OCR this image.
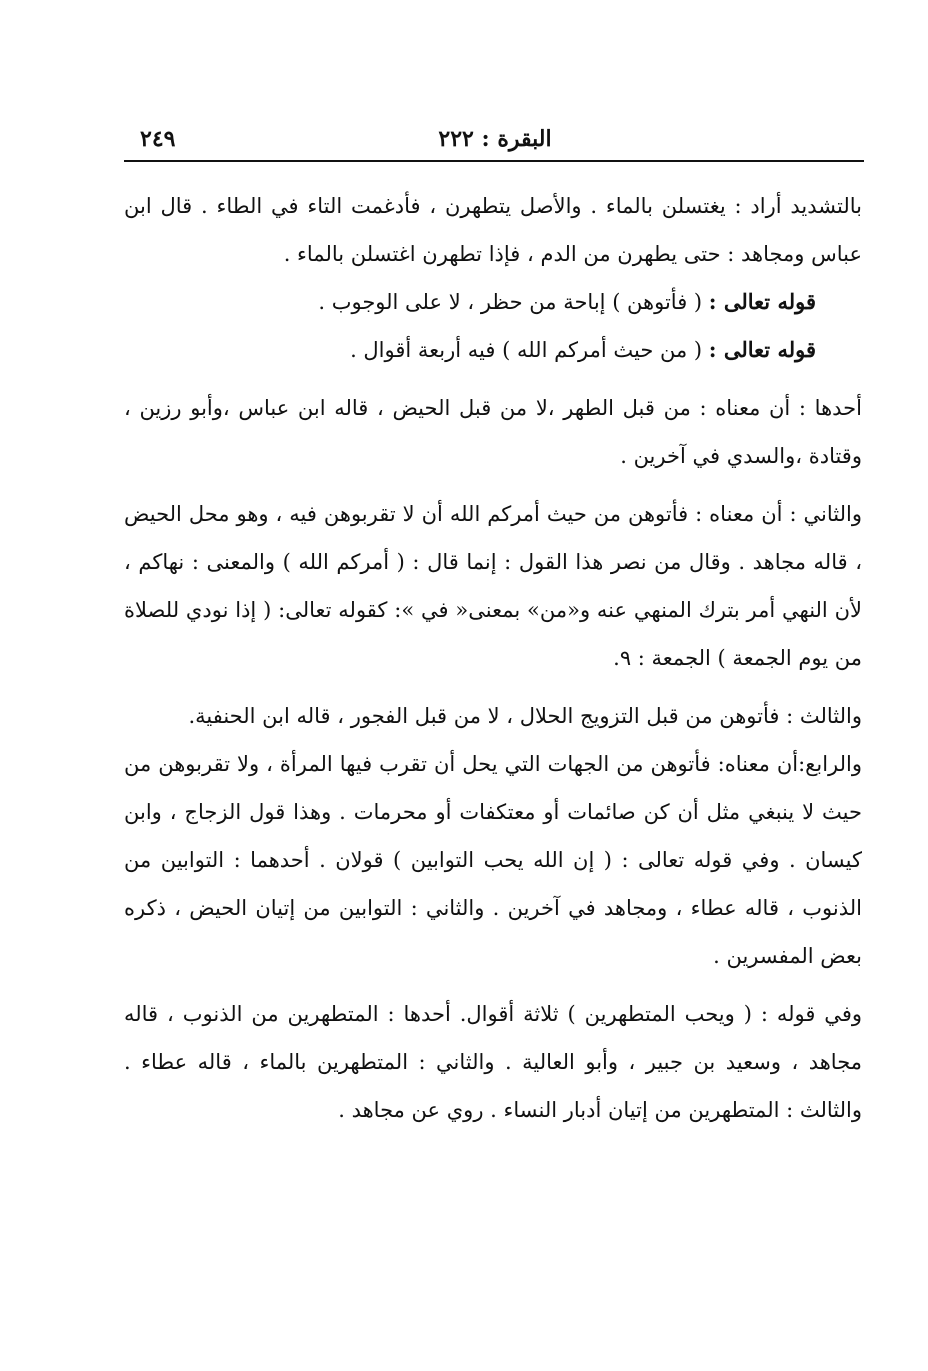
البقرة : ٢٢٢
٢٤٩

بالتشديد أراد : يغتسلن بالماء . والأصل يتطهرن ، فأدغمت التاء في الطاء . قال ابن عباس ومجاهد : حتى يطهرن من الدم ، فإذا تطهرن اغتسلن بالماء .

قوله تعالى : ( فأتوهن ) إباحة من حظر ، لا على الوجوب .

قوله تعالى : ( من حيث أمركم الله ) فيه أربعة أقوال .

أحدها : أن معناه : من قبل الطهر ،لا من قبل الحيض ، قاله ابن عباس ،وأبو رزين ، وقتادة ،والسدي في آخرين .

والثاني : أن معناه : فأتوهن من حيث أمركم الله أن لا تقربوهن فيه ، وهو محل الحيض ، قاله مجاهد . وقال من نصر هذا القول : إنما قال : ( أمركم الله ) والمعنى : نهاكم ، لأن النهي أمر بترك المنهي عنه و«من» بمعنى« في »: كقوله تعالى: ( إذا نودي للصلاة من يوم الجمعة ) الجمعة : ٩.

والثالث : فأتوهن من قبل التزويج الحلال ، لا من قبل الفجور ، قاله ابن الحنفية.

والرابع:أن معناه: فأتوهن من الجهات التي يحل أن تقرب فيها المرأة ، ولا تقربوهن من حيث لا ينبغي مثل أن كن صائمات أو معتكفات أو محرمات . وهذا قول الزجاج ، وابن كيسان . وفي قوله تعالى : ( إن الله يحب التوابين ) قولان . أحدهما : التوابين من الذنوب ، قاله عطاء ، ومجاهد في آخرين . والثاني : التوابين من إتيان الحيض ، ذكره بعض المفسرين .

وفي قوله : ( ويحب المتطهرين ) ثلاثة أقوال. أحدها : المتطهرين من الذنوب ، قاله مجاهد ، وسعيد بن جبير ، وأبو العالية . والثاني : المتطهرين بالماء ، قاله عطاء . والثالث : المتطهرين من إتيان أدبار النساء . روي عن مجاهد .
